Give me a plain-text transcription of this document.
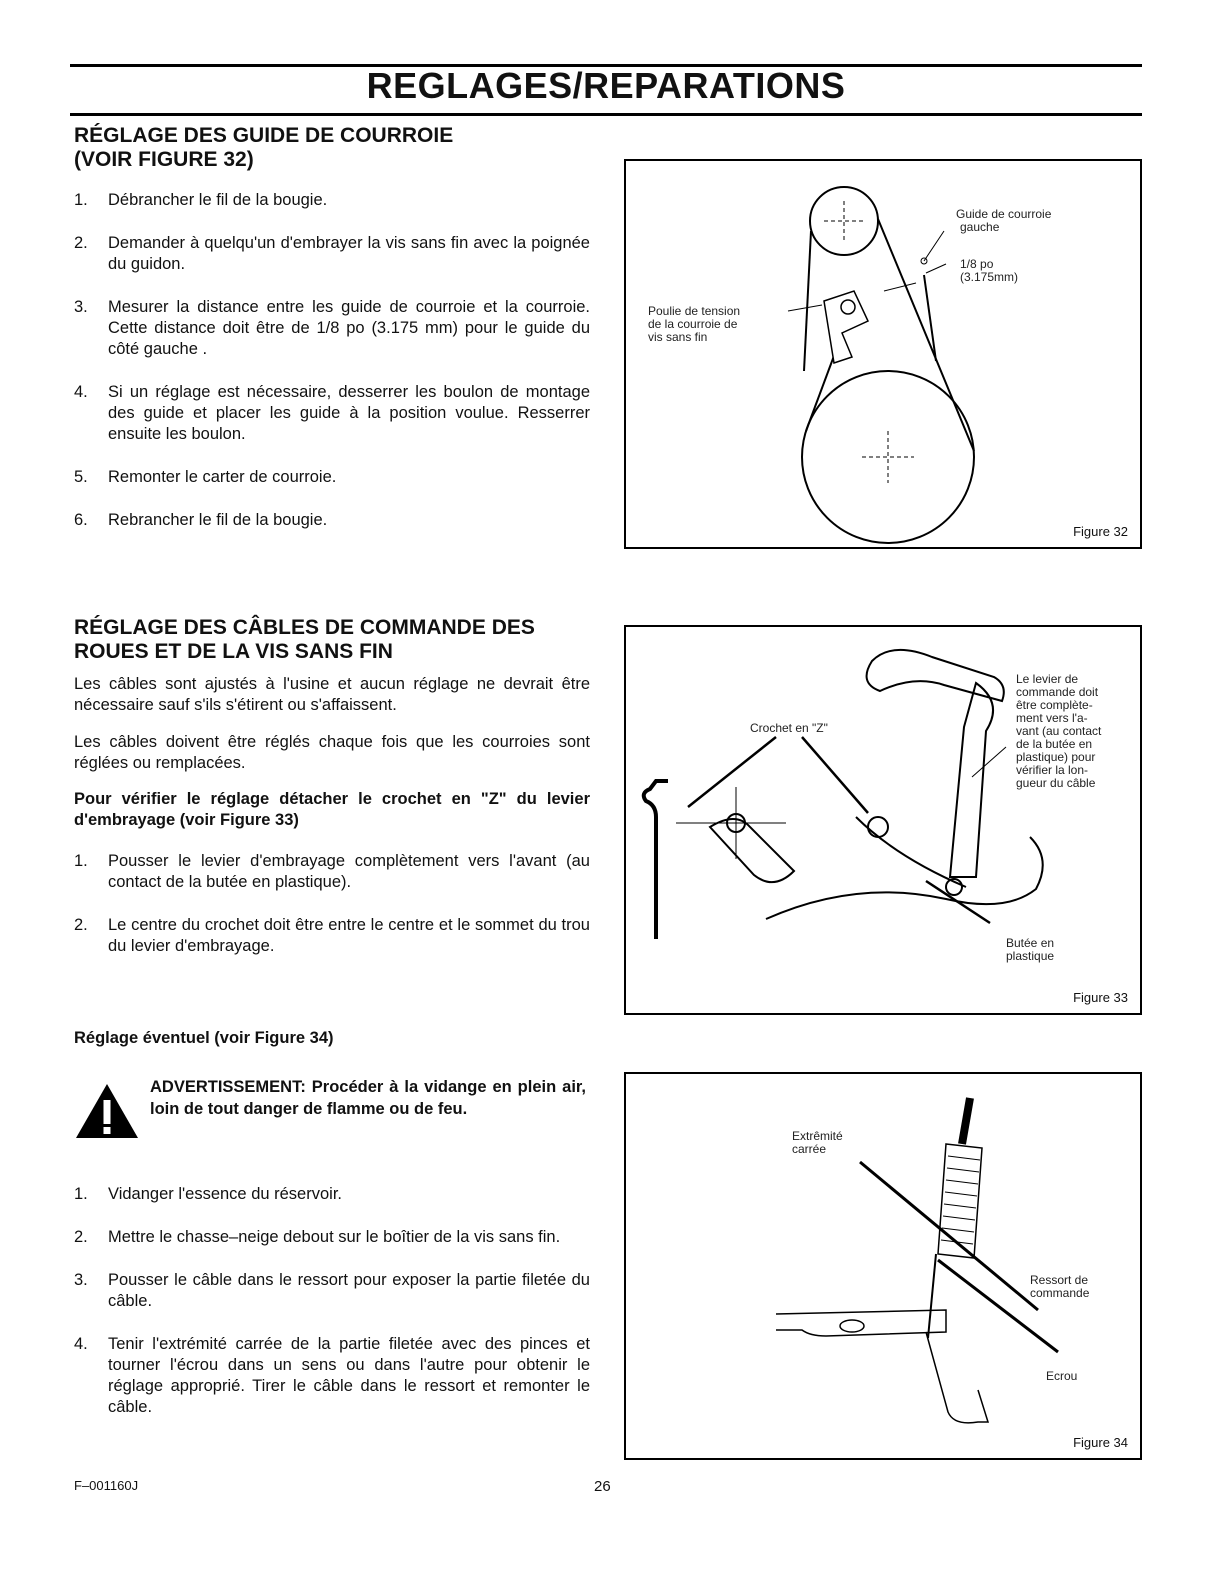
REGLAGES/REPARATIONS
RÉGLAGE DES GUIDE DE COURROIE
(VOIR FIGURE 32)
1. Débrancher le fil de la bougie.
2. Demander à quelqu'un d'embrayer la vis sans fin avec la poignée du guidon.
3. Mesurer la distance entre les guide de courroie et la courroie. Cette distance doit être de 1/8 po (3.175 mm) pour le guide du côté gauche .
4. Si un réglage est nécessaire, desserrer les boulon de montage des guide et placer les guide à la position voulue. Resserrer ensuite les boulon.
5. Remonter le carter de courroie.
6. Rebrancher le fil de la bougie.
RÉGLAGE DES CÂBLES DE COMMANDE DES
ROUES ET DE LA VIS SANS FIN
Les câbles sont ajustés à l'usine et aucun réglage ne devrait être nécessaire sauf s'ils s'étirent ou s'affaissent.
Les câbles doivent être réglés chaque fois que les courroies sont réglées ou remplacées.
Pour vérifier le réglage détacher le crochet en "Z" du levier d'embrayage (voir Figure 33)
1. Pousser le levier d'embrayage complètement vers l'avant (au contact de la butée en plastique).
2. Le centre du crochet doit être entre le centre et le sommet du trou du levier d'embrayage.
Réglage éventuel (voir Figure 34)
ADVERTISSEMENT: Procéder à la vidange en plein air, loin de tout danger de flamme ou de feu.
1. Vidanger l'essence du réservoir.
2. Mettre le chasse–neige debout sur le boîtier de la vis sans fin.
3. Pousser le câble dans le ressort pour exposer la partie filetée du câble.
4. Tenir l'extrémité carrée de la partie filetée avec des pinces et tourner l'écrou dans un sens ou dans l'autre pour obtenir le réglage approprié. Tirer le câble dans le ressort et remonter le câble.
F–001160J	26
Guide de courroie
gauche
1/8 po
(3.175mm)
Poulie de tension
de la courroie de
vis sans fin
Figure 32
Crochet en "Z"
Le levier de
commande doit
être complète-
ment vers l'a-
vant (au contact
de la butée en
plastique) pour
vérifier la lon-
gueur du câble
Butée en
plastique
Figure 33
Extrêmité
carrée
Ressort de
commande
Ecrou
Figure 34
